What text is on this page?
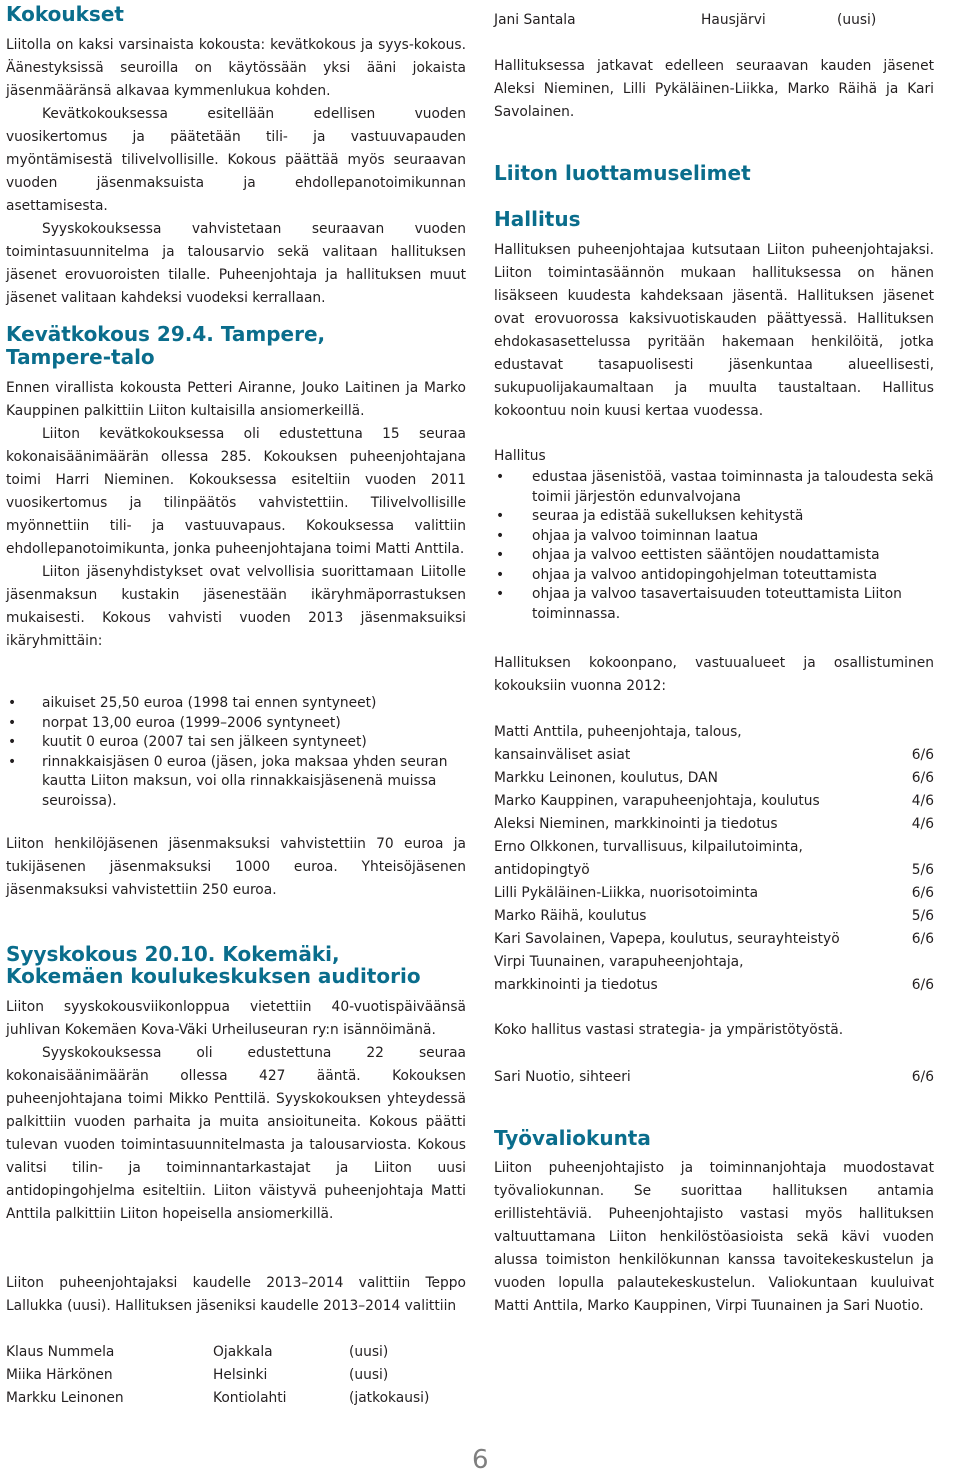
Kokoukset

Liitolla on kaksi varsinaista kokousta: kevätkokous ja syys-kokous. Äänestyksissä seuroilla on käytössään yksi ääni jokaista jäsenmääränsä alkavaa kymmenlukua kohden.

Kevätkokouksessa esitellään edellisen vuoden vuosikertomus ja päätetään tili- ja vastuuvapauden myöntämisestä tilivelvollisille. Kokous päättää myös seuraavan vuoden jäsenmaksuista ja ehdollepanotoimikunnan asettamisesta.

Syyskokouksessa vahvistetaan seuraavan vuoden toimintasuunnitelma ja talousarvio sekä valitaan hallituksen jäsenet erovuoroisten tilalle. Puheenjohtaja ja hallituksen muut jäsenet valitaan kahdeksi vuodeksi kerrallaan.

Kevätkokous 29.4. Tampere,
Tampere-talo

Ennen virallista kokousta Petteri Airanne, Jouko Laitinen ja Marko Kauppinen palkittiin Liiton kultaisilla ansiomerkeillä.

Liiton kevätkokouksessa oli edustettuna 15 seuraa kokonaisäänimäärän ollessa 285. Kokouksen puheenjohtajana toimi Harri Nieminen. Kokouksessa esiteltiin vuoden 2011 vuosikertomus ja tilinpäätös vahvistettiin. Tilivelvollisille myönnettiin tili- ja vastuuvapaus. Kokouksessa valittiin ehdollepanotoimikunta, jonka puheenjohtajana toimi Matti Anttila.

Liiton jäsenyhdistykset ovat velvollisia suorittamaan Liitolle jäsenmaksun kustakin jäsenestään ikäryhmäporrastuksen mukaisesti. Kokous vahvisti vuoden 2013 jäsenmaksuiksi ikäryhmittäin:

• aikuiset 25,50 euroa (1998 tai ennen syntyneet)
• norpat 13,00 euroa (1999–2006 syntyneet)
• kuutit 0 euroa (2007 tai sen jälkeen syntyneet)
• rinnakkaisjäsen 0 euroa (jäsen, joka maksaa yhden seuran kautta Liiton maksun, voi olla rinnakkaisjäsenenä muissa seuroissa).

Liiton henkilöjäsenen jäsenmaksuksi vahvistettiin 70 euroa ja tukijäsenen jäsenmaksuksi 1000 euroa. Yhteisöjäsenen jäsenmaksuksi vahvistettiin 250 euroa.

Syyskokous 20.10. Kokemäki,
Kokemäen koulukeskuksen auditorio

Liiton syyskokousviikonloppua vietettiin 40-vuotispäiväänsä juhlivan Kokemäen Kova-Väki Urheiluseuran ry:n isännöimänä.

Syyskokouksessa oli edustettuna 22 seuraa kokonaisäänimäärän ollessa 427 ääntä. Kokouksen puheenjohtajana toimi Mikko Penttilä. Syyskokouksen yhteydessä palkittiin vuoden parhaita ja muita ansioituneita. Kokous päätti tulevan vuoden toimintasuunnitelmasta ja talousarviosta. Kokous valitsi tilin- ja toiminnantarkastajat ja Liiton uusi antidopingohjelma esiteltiin. Liiton väistyvä puheenjohtaja Matti Anttila palkittiin Liiton hopeisella ansiomerkillä.

Liiton puheenjohtajaksi kaudelle 2013–2014 valittiin Teppo Lallukka (uusi). Hallituksen jäseniksi kaudelle 2013–2014 valittiin

Klaus Nummela	Ojakkala	(uusi)
Miika Härkönen	Helsinki	(uusi)
Markku Leinonen	Kontiolahti	(jatkokausi)
Jani Santala	Hausjärvi	(uusi)

Hallituksessa jatkavat edelleen seuraavan kauden jäsenet Aleksi Nieminen, Lilli Pykäläinen-Liikka, Marko Räihä ja Kari Savolainen.

Liiton luottamuselimet
Hallitus

Hallituksen puheenjohtajaa kutsutaan Liiton puheenjohtajaksi. Liiton toimintasäännön mukaan hallituksessa on hänen lisäkseen kuudesta kahdeksaan jäsentä. Hallituksen jäsenet ovat erovuorossa kaksivuotiskauden päättyessä. Hallituksen ehdokasasettelussa pyritään hakemaan henkilöitä, jotka edustavat tasapuolisesti jäsenkuntaa alueellisesti, sukupuolijakaumaltaan ja muulta taustaltaan. Hallitus kokoontuu noin kuusi kertaa vuodessa.

Hallitus
• edustaa jäsenistöä, vastaa toiminnasta ja taloudesta sekä toimii järjestön edunvalvojana
• seuraa ja edistää sukelluksen kehitystä
• ohjaa ja valvoo toiminnan laatua
• ohjaa ja valvoo eettisten sääntöjen noudattamista
• ohjaa ja valvoo antidopingohjelman toteuttamista
• ohjaa ja valvoo tasavertaisuuden toteuttamista Liiton toiminnassa.

Hallituksen kokoonpano, vastuualueet ja osallistuminen kokouksiin vuonna 2012:

Matti Anttila, puheenjohtaja, talous,
kansainväliset asiat	6/6
Markku Leinonen, koulutus, DAN	6/6
Marko Kauppinen, varapuheenjohtaja, koulutus	4/6
Aleksi Nieminen, markkinointi ja tiedotus	4/6
Erno Olkkonen, turvallisuus, kilpailutoiminta,
antidopingtyö	5/6
Lilli Pykäläinen-Liikka, nuorisotoiminta	6/6
Marko Räihä, koulutus	5/6
Kari Savolainen, Vapepa, koulutus, seurayhteistyö	6/6
Virpi Tuunainen, varapuheenjohtaja,
markkinointi ja tiedotus	6/6
Koko hallitus vastasi strategia- ja ympäristötyöstä.
Sari Nuotio, sihteeri	6/6
Työvaliokunta

Liiton puheenjohtajisto ja toiminnanjohtaja muodostavat työvaliokunnan. Se suorittaa hallituksen antamia erillistehtäviä. Puheenjohtajisto vastasi myös hallituksen valtuuttamana Liiton henkilöstöasioista sekä kävi vuoden alussa toimiston henkilökunnan kanssa tavoitekeskustelun ja vuoden lopulla palautekeskustelun. Valiokuntaan kuuluivat Matti Anttila, Marko Kauppinen, Virpi Tuunainen ja Sari Nuotio.

6
